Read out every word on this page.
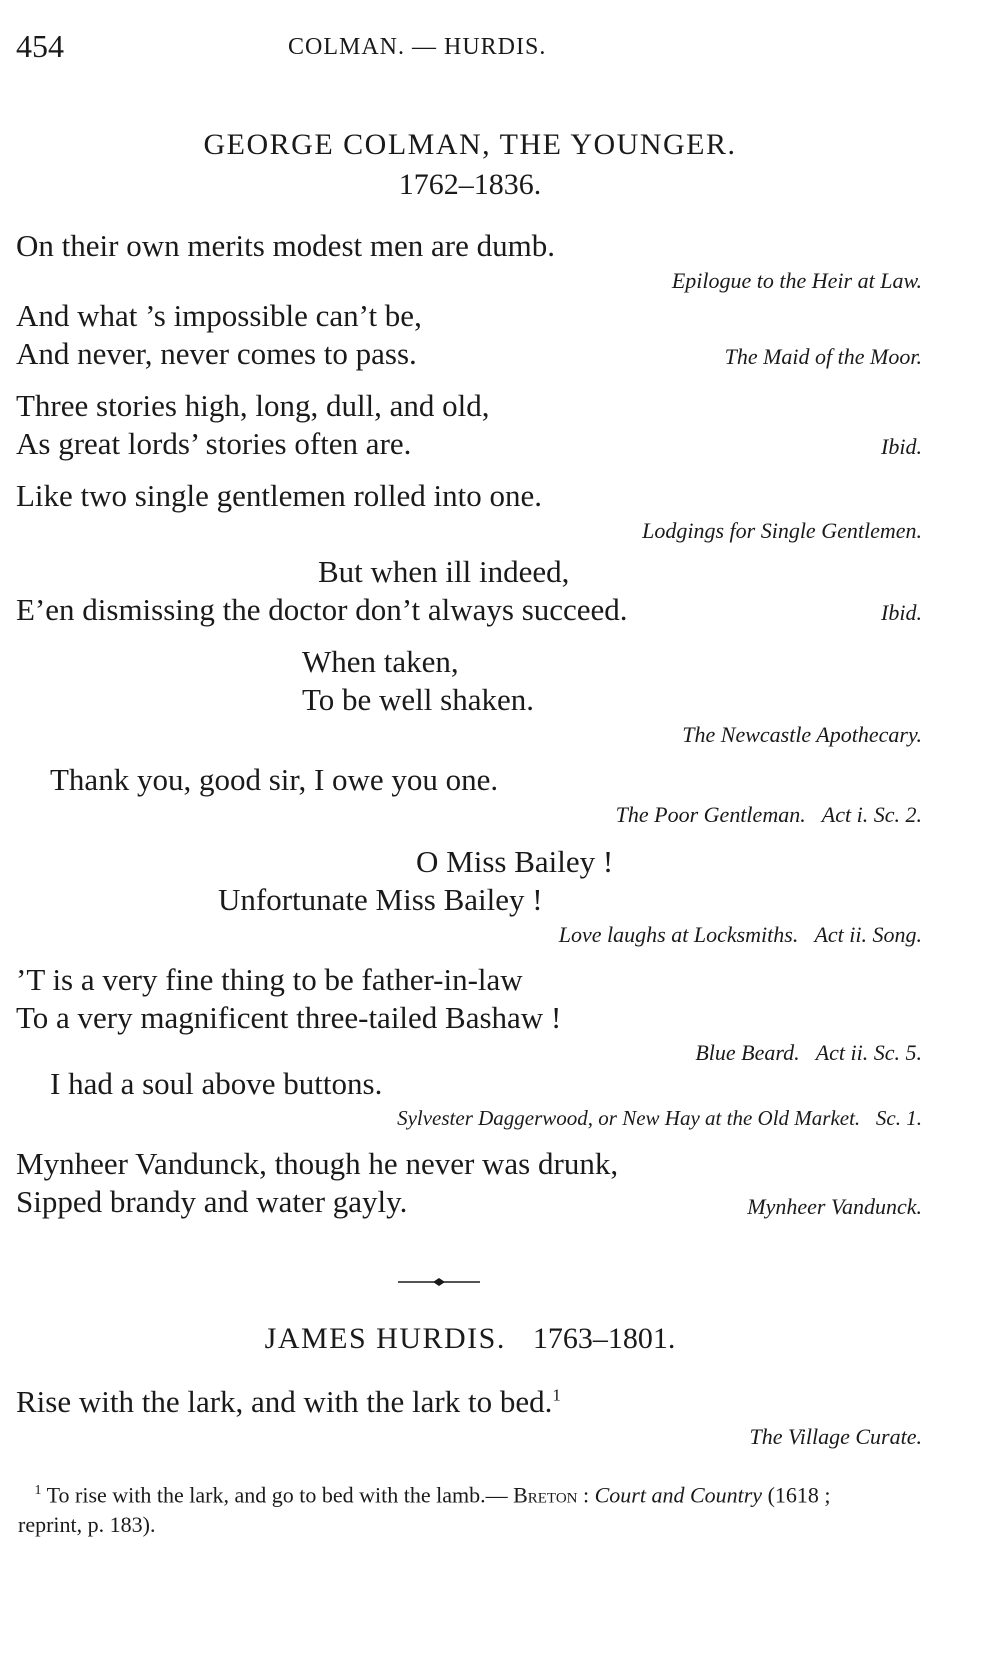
454	COLMAN. — HURDIS.
GEORGE COLMAN, THE YOUNGER.
1762–1836.
On their own merits modest men are dumb.
Epilogue to the Heir at Law.
And what ’s impossible can’t be,
And never, never comes to pass.	The Maid of the Moor.
Three stories high, long, dull, and old,
As great lords’ stories often are.	Ibid.
Like two single gentlemen rolled into one.
Lodgings for Single Gentlemen.
But when ill indeed,
E’en dismissing the doctor don’t always succeed.	Ibid.
When taken,
To be well shaken.
The Newcastle Apothecary.
Thank you, good sir, I owe you one.
The Poor Gentleman.   Act i. Sc. 2.
O Miss Bailey !
Unfortunate Miss Bailey !
Love laughs at Locksmiths.   Act ii. Song.
’T is a very fine thing to be father-in-law
To a very magnificent three-tailed Bashaw !
Blue Beard.   Act ii. Sc. 5.
I had a soul above buttons.
Sylvester Daggerwood, or New Hay at the Old Market.   Sc. 1.
Mynheer Vandunck, though he never was drunk,
Sipped brandy and water gayly.	Mynheer Vandunck.
JAMES HURDIS. 1763–1801.
Rise with the lark, and with the lark to bed.$^1$
The Village Curate.
$^1$ To rise with the lark, and go to bed with the lamb.— Breton : Court and Country (1618 ; reprint, p. 183).
